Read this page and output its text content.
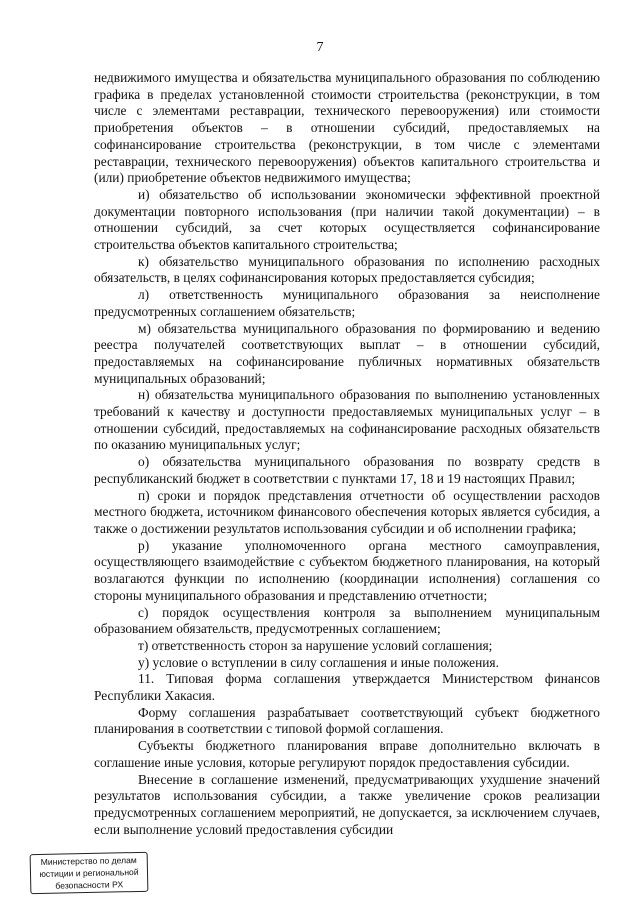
7

недвижимого имущества и обязательства муниципального образования по соблюдению графика в пределах установленной стоимости строительства (реконструкции, в том числе с элементами реставрации, технического перевооружения) или стоимости приобретения объектов – в отношении субсидий, предоставляемых на софинансирование строительства (реконструкции, в том числе с элементами реставрации, технического перевооружения) объектов капитального строительства и (или) приобретение объектов недвижимого имущества;

и) обязательство об использовании экономически эффективной проектной документации повторного использования (при наличии такой документации) – в отношении субсидий, за счет которых осуществляется софинансирование строительства объектов капитального строительства;

к) обязательство муниципального образования по исполнению расходных обязательств, в целях софинансирования которых предоставляется субсидия;

л) ответственность муниципального образования за неисполнение предусмотренных соглашением обязательств;

м) обязательства муниципального образования по формированию и ведению реестра получателей соответствующих выплат – в отношении субсидий, предоставляемых на софинансирование публичных нормативных обязательств муниципальных образований;

н) обязательства муниципального образования по выполнению установленных требований к качеству и доступности предоставляемых муниципальных услуг – в отношении субсидий, предоставляемых на софинансирование расходных обязательств по оказанию муниципальных услуг;

о) обязательства муниципального образования по возврату средств в республиканский бюджет в соответствии с пунктами 17, 18 и 19 настоящих Правил;

п) сроки и порядок представления отчетности об осуществлении расходов местного бюджета, источником финансового обеспечения которых является субсидия, а также о достижении результатов использования субсидии и об исполнении графика;

р) указание уполномоченного органа местного самоуправления, осуществляющего взаимодействие с субъектом бюджетного планирования, на который возлагаются функции по исполнению (координации исполнения) соглашения со стороны муниципального образования и представлению отчетности;

с) порядок осуществления контроля за выполнением муниципальным образованием обязательств, предусмотренных соглашением;

т) ответственность сторон за нарушение условий соглашения;

у) условие о вступлении в силу соглашения и иные положения.

11. Типовая форма соглашения утверждается Министерством финансов Республики Хакасия.

Форму соглашения разрабатывает соответствующий субъект бюджетного планирования в соответствии с типовой формой соглашения.

Субъекты бюджетного планирования вправе дополнительно включать в соглашение иные условия, которые регулируют порядок предоставления субсидии.

Внесение в соглашение изменений, предусматривающих ухудшение значений результатов использования субсидии, а также увеличение сроков реализации предусмотренных соглашением мероприятий, не допускается, за исключением случаев, если выполнение условий предоставления субсидии

Министерство по делам
юстиции и региональной
безопасности РХ
